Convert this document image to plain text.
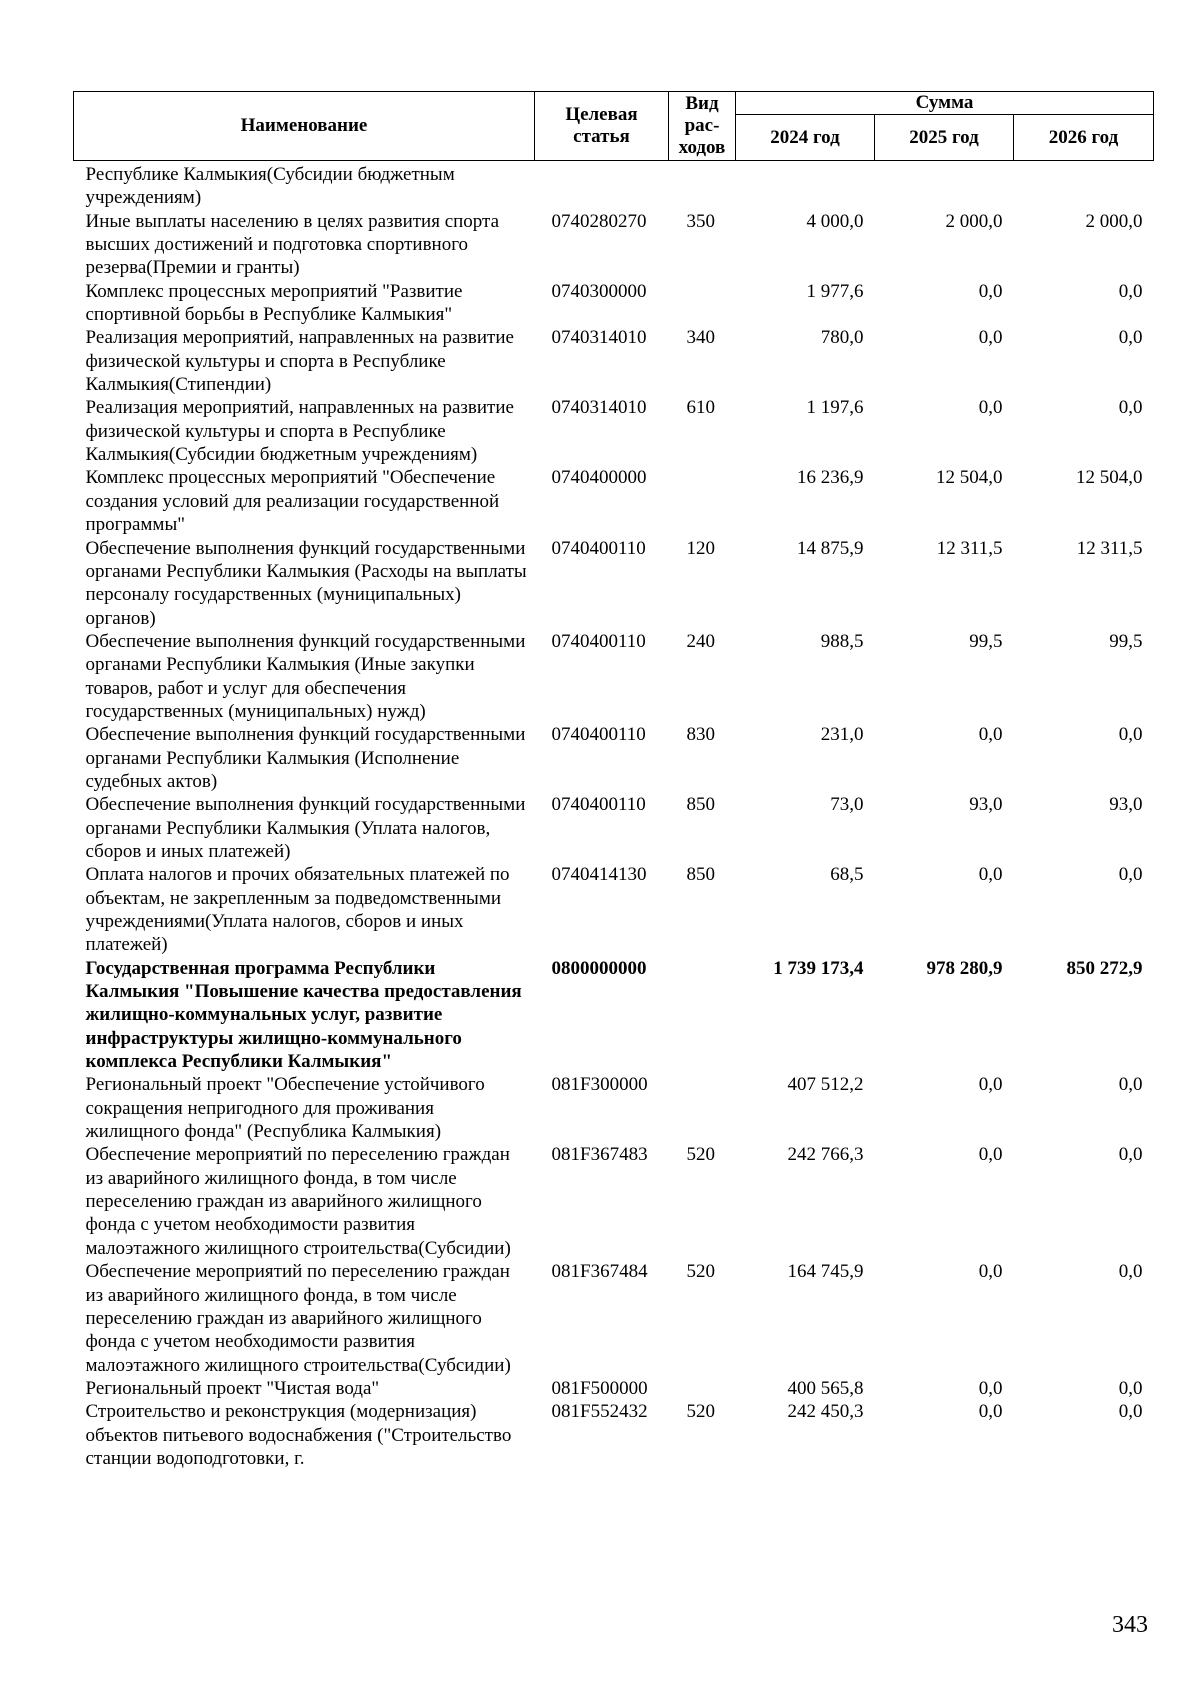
Наименование	Целевая статья	Вид рас-ходов	Сумма		
			2024 год	2025 год	2026 год
Республике Калмыкия(Субсидии бюджетным учреждениям)					
Иные выплаты населению в целях развития спорта высших достижений и подготовка спортивного резерва(Премии и гранты)	0740280270	350	4 000,0	2 000,0	2 000,0
Комплекс процессных мероприятий "Развитие спортивной борьбы в Республике Калмыкия"	0740300000		1 977,6	0,0	0,0
Реализация мероприятий, направленных на развитие физической культуры и спорта в Республике Калмыкия(Стипендии)	0740314010	340	780,0	0,0	0,0
Реализация мероприятий, направленных на развитие физической культуры и спорта в Республике Калмыкия(Субсидии бюджетным учреждениям)	0740314010	610	1 197,6	0,0	0,0
Комплекс процессных мероприятий "Обеспечение создания условий для реализации государственной программы"	0740400000		16 236,9	12 504,0	12 504,0
Обеспечение выполнения функций государственными органами Республики Калмыкия (Расходы на выплаты персоналу государственных (муниципальных) органов)	0740400110	120	14 875,9	12 311,5	12 311,5
Обеспечение выполнения функций государственными органами Республики Калмыкия (Иные закупки товаров, работ и услуг для обеспечения государственных (муниципальных) нужд)	0740400110	240	988,5	99,5	99,5
Обеспечение выполнения функций государственными органами Республики Калмыкия (Исполнение судебных актов)	0740400110	830	231,0	0,0	0,0
Обеспечение выполнения функций государственными органами Республики Калмыкия (Уплата налогов, сборов и иных платежей)	0740400110	850	73,0	93,0	93,0
Оплата налогов и прочих обязательных платежей по объектам, не закрепленным за подведомственными учреждениями(Уплата налогов, сборов и иных платежей)	0740414130	850	68,5	0,0	0,0
Государственная программа Республики Калмыкия "Повышение качества предоставления жилищно-коммунальных услуг, развитие инфраструктуры жилищно-коммунального комплекса Республики Калмыкия"	0800000000		1 739 173,4	978 280,9	850 272,9
Региональный проект "Обеспечение устойчивого сокращения непригодного для проживания жилищного фонда" (Республика Калмыкия)	081F300000		407 512,2	0,0	0,0
Обеспечение мероприятий по переселению граждан из аварийного жилищного фонда, в том числе переселению граждан из аварийного жилищного фонда с учетом необходимости развития малоэтажного жилищного строительства(Субсидии)	081F367483	520	242 766,3	0,0	0,0
Обеспечение мероприятий по переселению граждан из аварийного жилищного фонда, в том числе переселению граждан из аварийного жилищного фонда с учетом необходимости развития малоэтажного жилищного строительства(Субсидии)	081F367484	520	164 745,9	0,0	0,0
Региональный проект "Чистая вода"	081F500000		400 565,8	0,0	0,0
Строительство и реконструкция (модернизация) объектов питьевого водоснабжения ("Строительство станции водоподготовки, г.	081F552432	520	242 450,3	0,0	0,0
343
